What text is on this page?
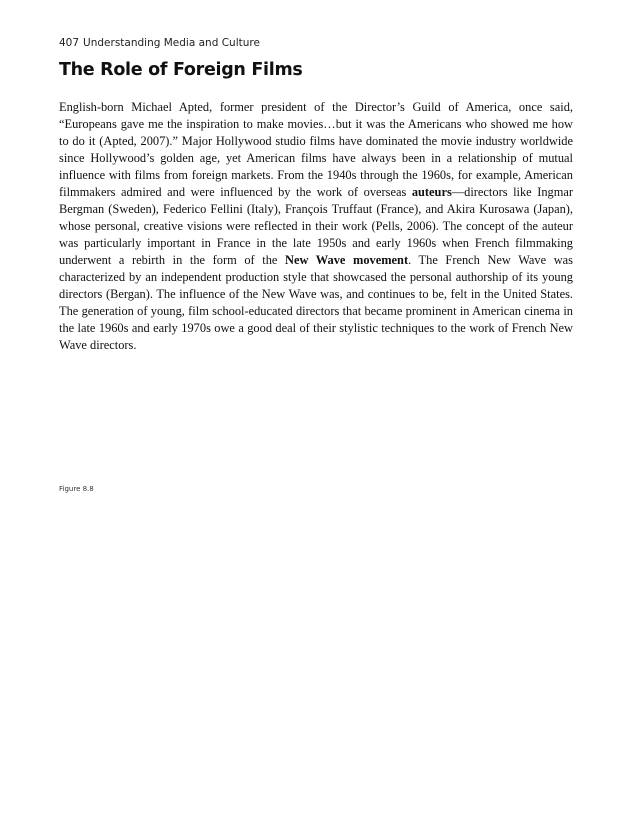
407 Understanding Media and Culture
The Role of Foreign Films

English-born Michael Apted, former president of the Director’s Guild of America, once said, “Europeans gave me the inspiration to make movies…but it was the Americans who showed me how to do it (Apted, 2007).” Major Hollywood studio films have dominated the movie industry worldwide since Hollywood’s golden age, yet American films have always been in a relationship of mutual influence with films from foreign markets. From the 1940s through the 1960s, for example, American filmmakers admired and were influenced by the work of overseas auteurs—directors like Ingmar Bergman (Sweden), Federico Fellini (Italy), François Truffaut (France), and Akira Kurosawa (Japan), whose personal, creative visions were reflected in their work (Pells, 2006). The concept of the auteur was particularly important in France in the late 1950s and early 1960s when French filmmaking underwent a rebirth in the form of the New Wave movement. The French New Wave was characterized by an independent production style that showcased the personal authorship of its young directors (Bergan). The influence of the New Wave was, and continues to be, felt in the United States. The generation of young, film school-educated directors that became prominent in American cinema in the late 1960s and early 1970s owe a good deal of their stylistic techniques to the work of French New Wave directors.

Figure 8.8
